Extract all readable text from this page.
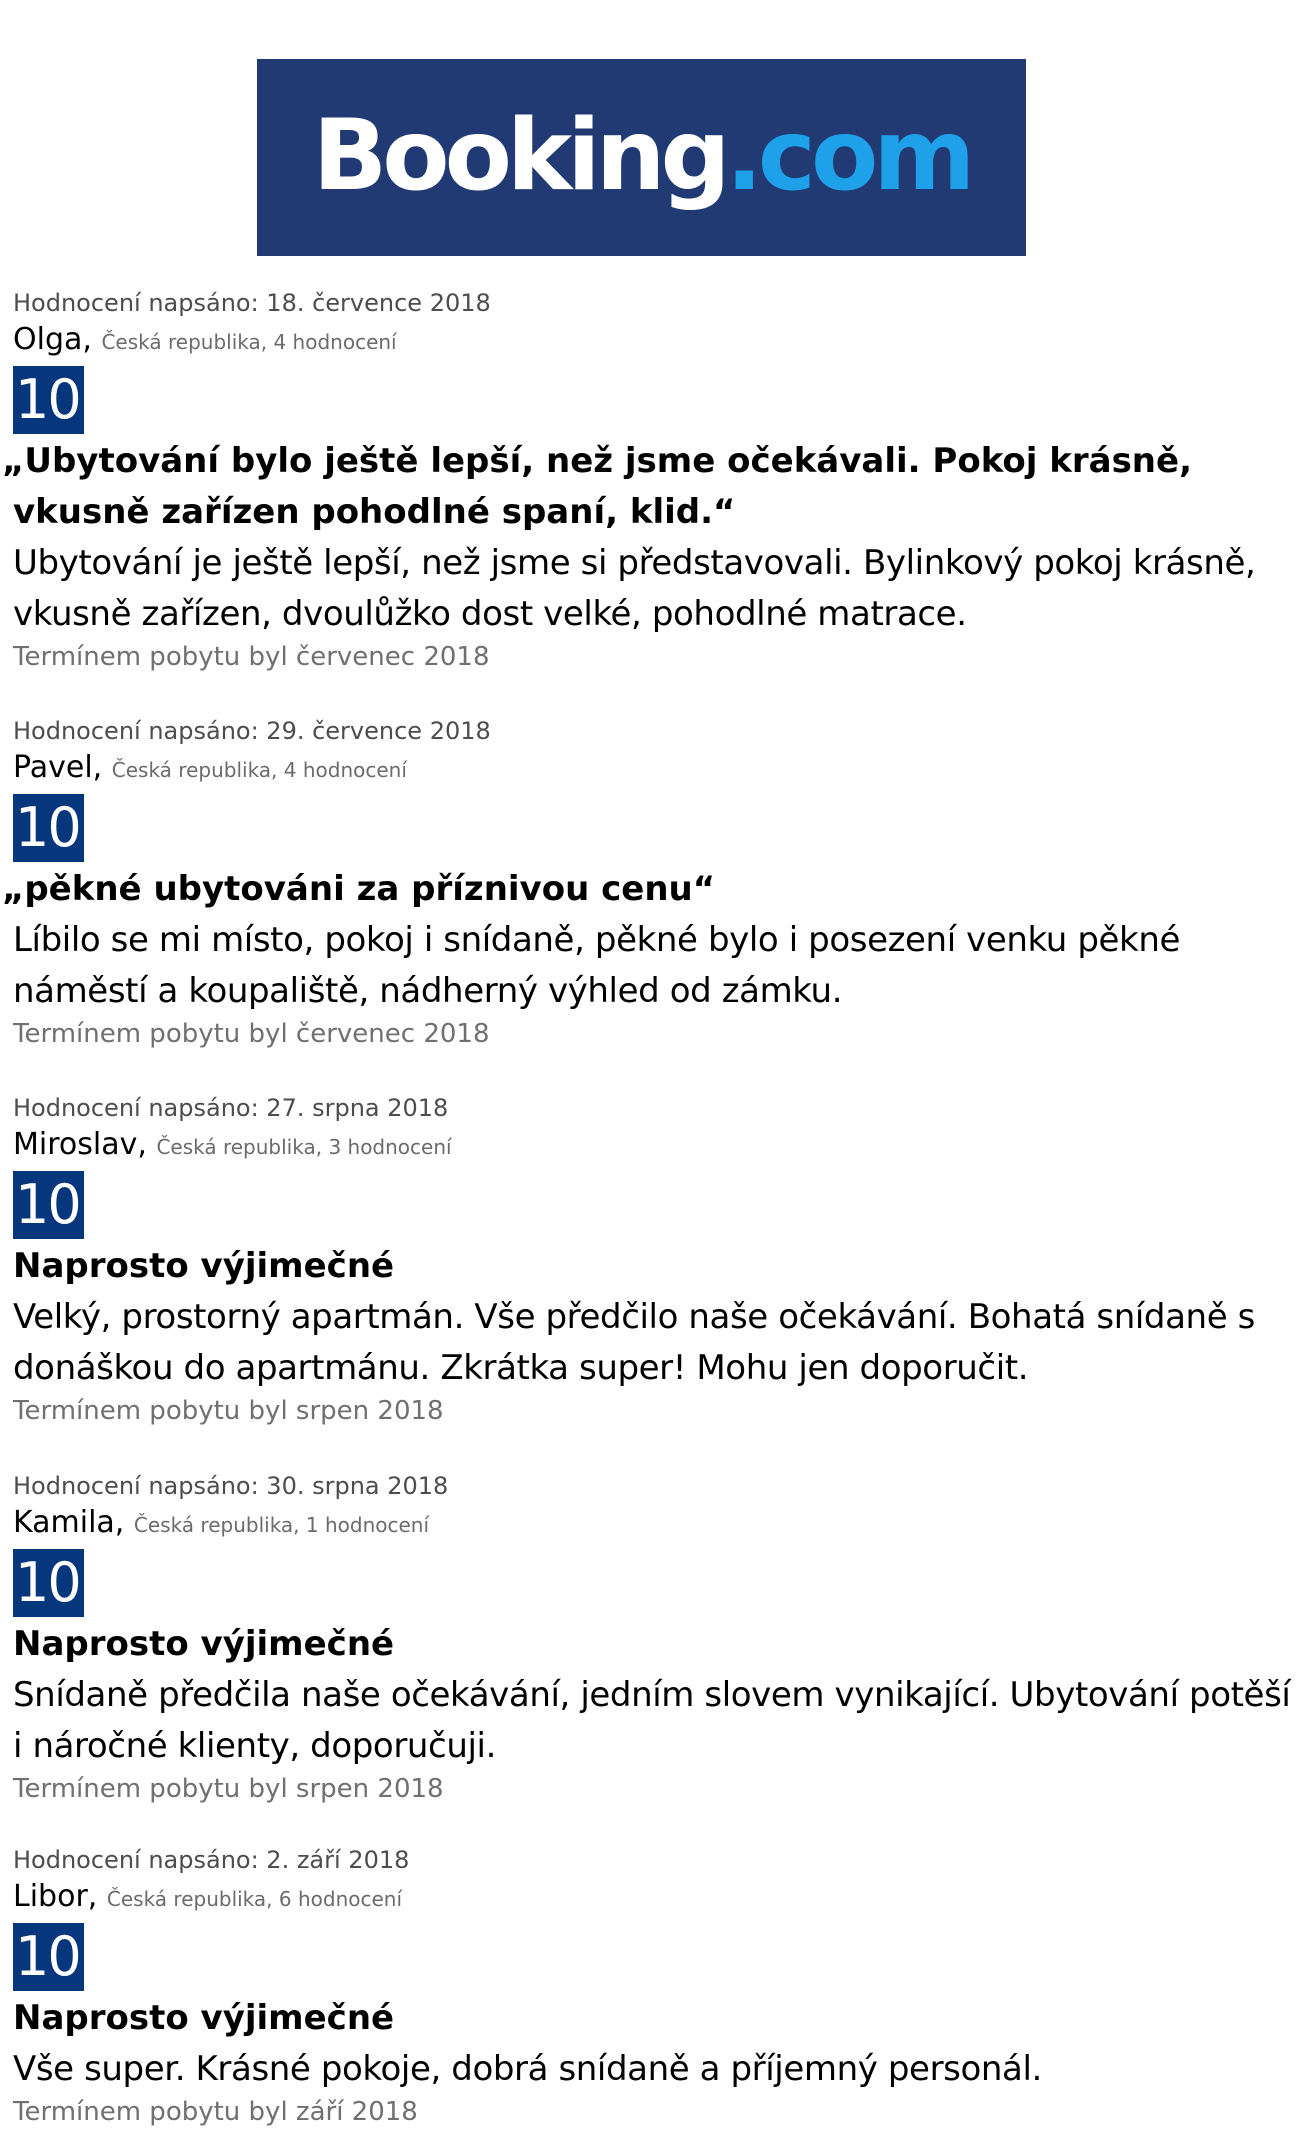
Booking.com
Hodnocení napsáno: 18. července 2018
Olga, Česká republika, 4 hodnocení
10
„Ubytování bylo ještě lepší, než jsme očekávali. Pokoj krásně, vkusně zařízen pohodlné spaní, klid.“
Ubytování je ještě lepší, než jsme si představovali. Bylinkový pokoj krásně, vkusně zařízen, dvoulůžko dost velké, pohodlné matrace.
Termínem pobytu byl červenec 2018
Hodnocení napsáno: 29. července 2018
Pavel, Česká republika, 4 hodnocení
10
„pěkné ubytováni za příznivou cenu“
Líbilo se mi místo, pokoj i snídaně, pěkné bylo i posezení venku pěkné náměstí a koupaliště, nádherný výhled od zámku.
Termínem pobytu byl červenec 2018
Hodnocení napsáno: 27. srpna 2018
Miroslav, Česká republika, 3 hodnocení
10
Naprosto výjimečné
Velký, prostorný apartmán. Vše předčilo naše očekávání. Bohatá snídaně s donáškou do apartmánu. Zkrátka super! Mohu jen doporučit.
Termínem pobytu byl srpen 2018
Hodnocení napsáno: 30. srpna 2018
Kamila, Česká republika, 1 hodnocení
10
Naprosto výjimečné
Snídaně předčila naše očekávání, jedním slovem vynikající. Ubytování potěší i náročné klienty, doporučuji.
Termínem pobytu byl srpen 2018
Hodnocení napsáno: 2. září 2018
Libor, Česká republika, 6 hodnocení
10
Naprosto výjimečné
Vše super. Krásné pokoje, dobrá snídaně a příjemný personál.
Termínem pobytu byl září 2018
